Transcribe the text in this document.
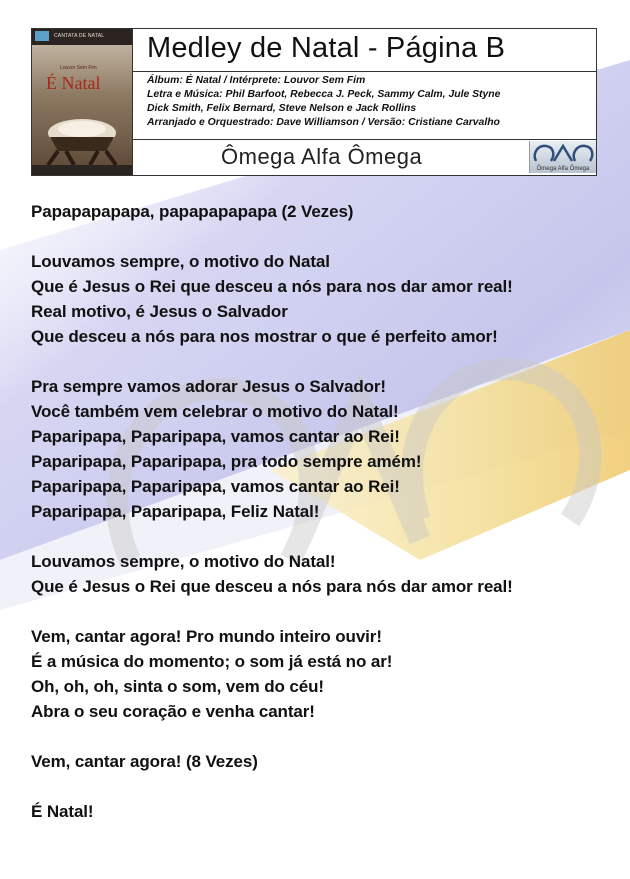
CANTATA DE NATAL
Louvor Sem Fim
É Natal
Medley de Natal - Página B
Álbum: É Natal / Intérprete: Louvor Sem Fim
Letra e Música: Phil Barfoot, Rebecca J. Peck, Sammy Calm, Jule Styne
Dick Smith, Felix Bernard, Steve Nelson e Jack Rollins
Arranjado e Orquestrado: Dave Williamson / Versão: Cristiane Carvalho
Ômega Alfa Ômega	Ômega Alfa Ômega
Papapapapapa, papapapapapa (2 Vezes)
Louvamos sempre, o motivo do Natal
Que é Jesus o Rei que desceu a nós para nos dar amor real!
Real motivo, é Jesus o Salvador
Que desceu a nós para nos mostrar o que é perfeito amor!
Pra sempre vamos adorar Jesus o Salvador!
Você também vem celebrar o motivo do Natal!
Paparipapa, Paparipapa, vamos cantar ao Rei!
Paparipapa, Paparipapa, pra todo sempre amém!
Paparipapa, Paparipapa, vamos cantar ao Rei!
Paparipapa, Paparipapa, Feliz Natal!
Louvamos sempre, o motivo do Natal!
Que é Jesus o Rei que desceu a nós para nós dar amor real!
Vem, cantar agora! Pro mundo inteiro ouvir!
É a música do momento; o som já está no ar!
Oh, oh, oh, sinta o som, vem do céu!
Abra o seu coração e venha cantar!
Vem, cantar agora! (8 Vezes)
É Natal!
